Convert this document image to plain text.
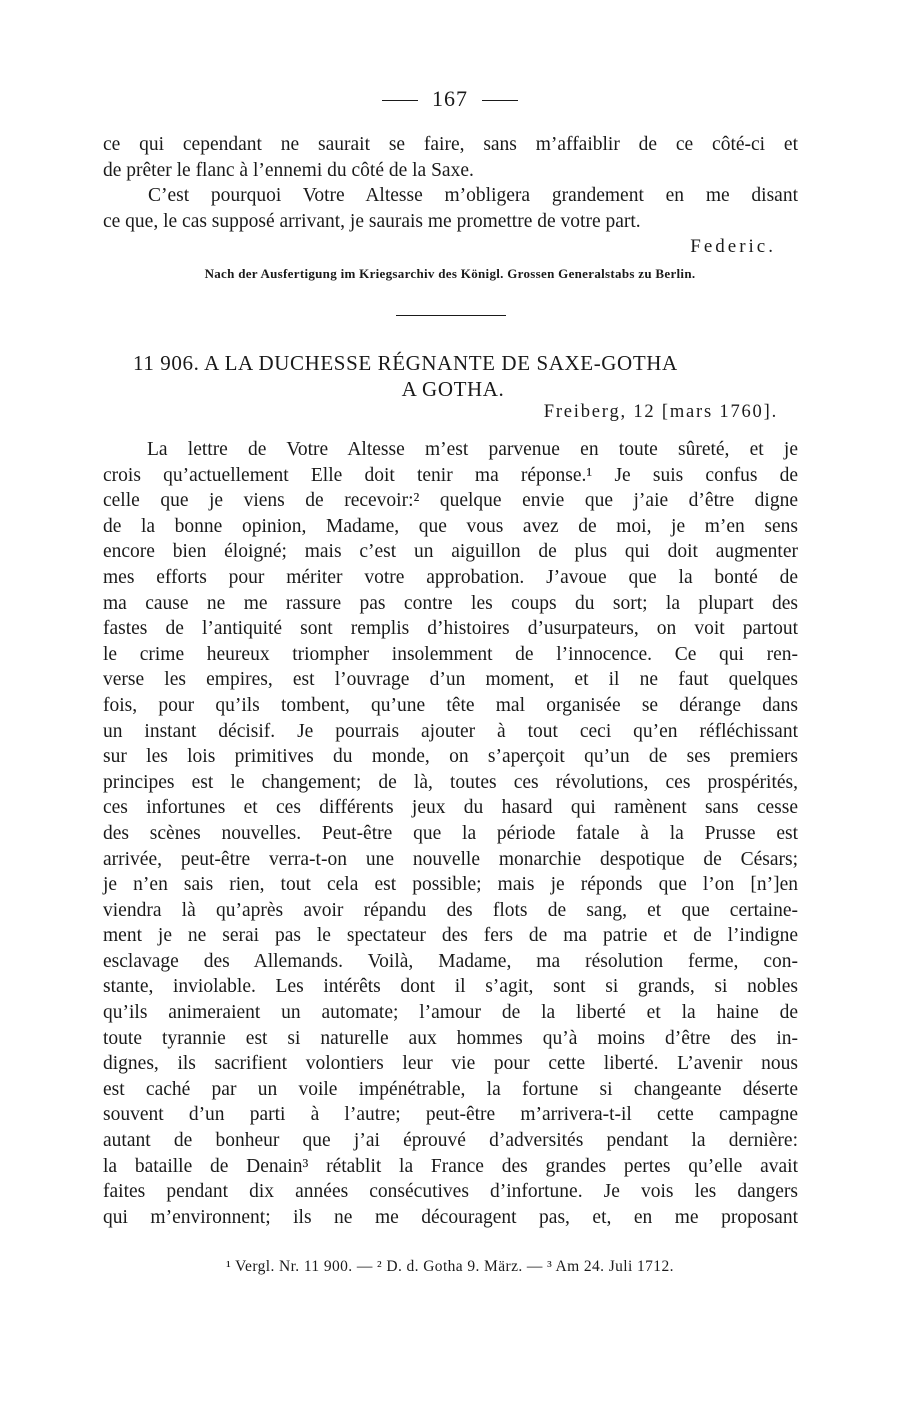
167
ce qui cependant ne saurait se faire, sans m’affaiblir de ce côté-ci et
de prêter le flanc à l’ennemi du côté de la Saxe.
C’est pourquoi Votre Altesse m’obligera grandement en me disant
ce que, le cas supposé arrivant, je saurais me promettre de votre part.
Federic.
Nach der Ausfertigung im Kriegsarchiv des Königl. Grossen Generalstabs zu Berlin.
11 906. A LA DUCHESSE RÉGNANTE DE SAXE-GOTHA
A GOTHA.
Freiberg, 12 [mars 1760].
La lettre de Votre Altesse m’est parvenue en toute sûreté, et je
crois qu’actuellement Elle doit tenir ma réponse.¹ Je suis confus de
celle que je viens de recevoir:² quelque envie que j’aie d’être digne
de la bonne opinion, Madame, que vous avez de moi, je m’en sens
encore bien éloigné; mais c’est un aiguillon de plus qui doit augmenter
mes efforts pour mériter votre approbation. J’avoue que la bonté de
ma cause ne me rassure pas contre les coups du sort; la plupart des
fastes de l’antiquité sont remplis d’histoires d’usurpateurs, on voit partout
le crime heureux triompher insolemment de l’innocence. Ce qui ren-
verse les empires, est l’ouvrage d’un moment, et il ne faut quelques
fois, pour qu’ils tombent, qu’une tête mal organisée se dérange dans
un instant décisif. Je pourrais ajouter à tout ceci qu’en réfléchissant
sur les lois primitives du monde, on s’aperçoit qu’un de ses premiers
principes est le changement; de là, toutes ces révolutions, ces prospérités,
ces infortunes et ces différents jeux du hasard qui ramènent sans cesse
des scènes nouvelles. Peut-être que la période fatale à la Prusse est
arrivée, peut-être verra-t-on une nouvelle monarchie despotique de Césars;
je n’en sais rien, tout cela est possible; mais je réponds que l’on [n’]en
viendra là qu’après avoir répandu des flots de sang, et que certaine-
ment je ne serai pas le spectateur des fers de ma patrie et de l’indigne
esclavage des Allemands. Voilà, Madame, ma résolution ferme, con-
stante, inviolable. Les intérêts dont il s’agit, sont si grands, si nobles
qu’ils animeraient un automate; l’amour de la liberté et la haine de
toute tyrannie est si naturelle aux hommes qu’à moins d’être des in-
dignes, ils sacrifient volontiers leur vie pour cette liberté. L’avenir nous
est caché par un voile impénétrable, la fortune si changeante déserte
souvent d’un parti à l’autre; peut-être m’arrivera-t-il cette campagne
autant de bonheur que j’ai éprouvé d’adversités pendant la dernière:
la bataille de Denain³ rétablit la France des grandes pertes qu’elle avait
faites pendant dix années consécutives d’infortune. Je vois les dangers
qui m’environnent; ils ne me découragent pas, et, en me proposant
¹ Vergl. Nr. 11 900. — ² D. d. Gotha 9. März. — ³ Am 24. Juli 1712.
